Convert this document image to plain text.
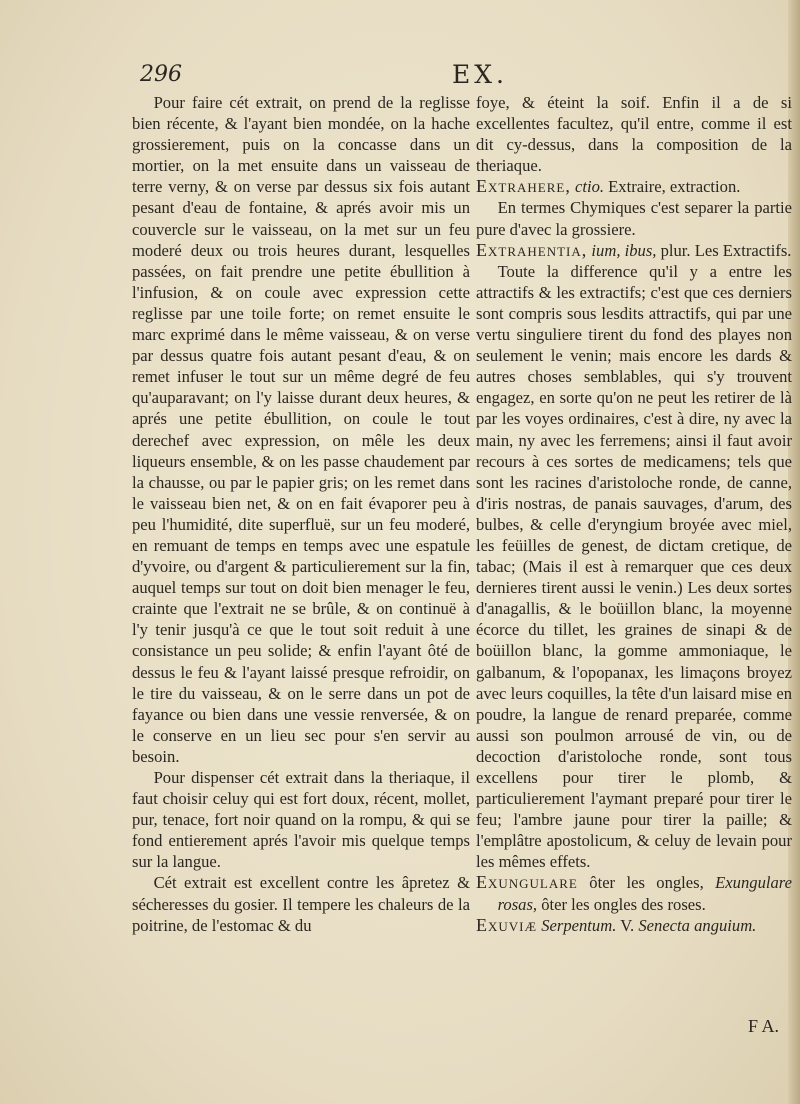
296	EX.

Pour faire cét extrait, on prend de la reglisse bien récente, & l'ayant bien mondée, on la hache grossierement, puis on la concasse dans un mortier, on la met ensuite dans un vaisseau de terre verny, & on verse par dessus six fois autant pesant d'eau de fontaine, & aprés avoir mis un couvercle sur le vaisseau, on la met sur un feu moderé deux ou trois heures durant, lesquelles passées, on fait prendre une petite ébullition à l'infusion, & on coule avec expression cette reglisse par une toile forte; on remet ensuite le marc exprimé dans le même vaisseau, & on verse par dessus quatre fois autant pesant d'eau, & on remet infuser le tout sur un même degré de feu qu'auparavant; on l'y laisse durant deux heures, & aprés une petite ébullition, on coule le tout derechef avec expression, on mêle les deux liqueurs ensemble, & on les passe chaudement par la chausse, ou par le papier gris; on les remet dans le vaisseau bien net, & on en fait évaporer peu à peu l'humidité, dite superfluë, sur un feu moderé, en remuant de temps en temps avec une espatule d'yvoire, ou d'argent & particulierement sur la fin, auquel temps sur tout on doit bien menager le feu, crainte que l'extrait ne se brûle, & on continuë à l'y tenir jusqu'à ce que le tout soit reduit à une consistance un peu solide; & enfin l'ayant ôté de dessus le feu & l'ayant laissé presque refroidir, on le tire du vaisseau, & on le serre dans un pot de fayance ou bien dans une vessie renversée, & on le conserve en un lieu sec pour s'en servir au besoin.

Pour dispenser cét extrait dans la theriaque, il faut choisir celuy qui est fort doux, récent, mollet, pur, tenace, fort noir quand on la rompu, & qui se fond entierement aprés l'avoir mis quelque temps sur la langue.

Cét extrait est excellent contre les âpretez & sécheresses du gosier. Il tempere les chaleurs de la poitrine, de l'estomac & du

foye, & éteint la soif. Enfin il a de si excellentes facultez, qu'il entre, comme il est dit cy-dessus, dans la composition de la theriaque.

Extrahere, ctio. Extraire, extraction.

En termes Chymiques c'est separer la partie pure d'avec la grossiere.

Extrahentia, ium, ibus, plur. Les Extractifs.

Toute la difference qu'il y a entre les attractifs & les extractifs; c'est que ces derniers sont compris sous lesdits attractifs, qui par une vertu singuliere tirent du fond des playes non seulement le venin; mais encore les dards & autres choses semblables, qui s'y trouvent engagez, en sorte qu'on ne peut les retirer de là par les voyes ordinaires, c'est à dire, ny avec la main, ny avec les ferremens; ainsi il faut avoir recours à ces sortes de medicamens; tels que sont les racines d'aristoloche ronde, de canne, d'iris nostras, de panais sauvages, d'arum, des bulbes, & celle d'eryngium broyée avec miel, les feüilles de genest, de dictam cretique, de tabac; (Mais il est à remarquer que ces deux dernieres tirent aussi le venin.) Les deux sortes d'anagallis, & le boüillon blanc, la moyenne écorce du tillet, les graines de sinapi & de boüillon blanc, la gomme ammoniaque, le galbanum, & l'opopanax, les limaçons broyez avec leurs coquilles, la tête d'un laisard mise en poudre, la langue de renard preparée, comme aussi son poulmon arrousé de vin, ou de decoction d'aristoloche ronde, sont tous excellens pour tirer le plomb, & particulierement l'aymant preparé pour tirer le feu; l'ambre jaune pour tirer la paille; & l'emplâtre apostolicum, & celuy de levain pour les mêmes effets.

Exungulare ôter les ongles, Exungulare rosas, ôter les ongles des roses.

Exuviæ Serpentum. V. Senecta anguium.

F A.
